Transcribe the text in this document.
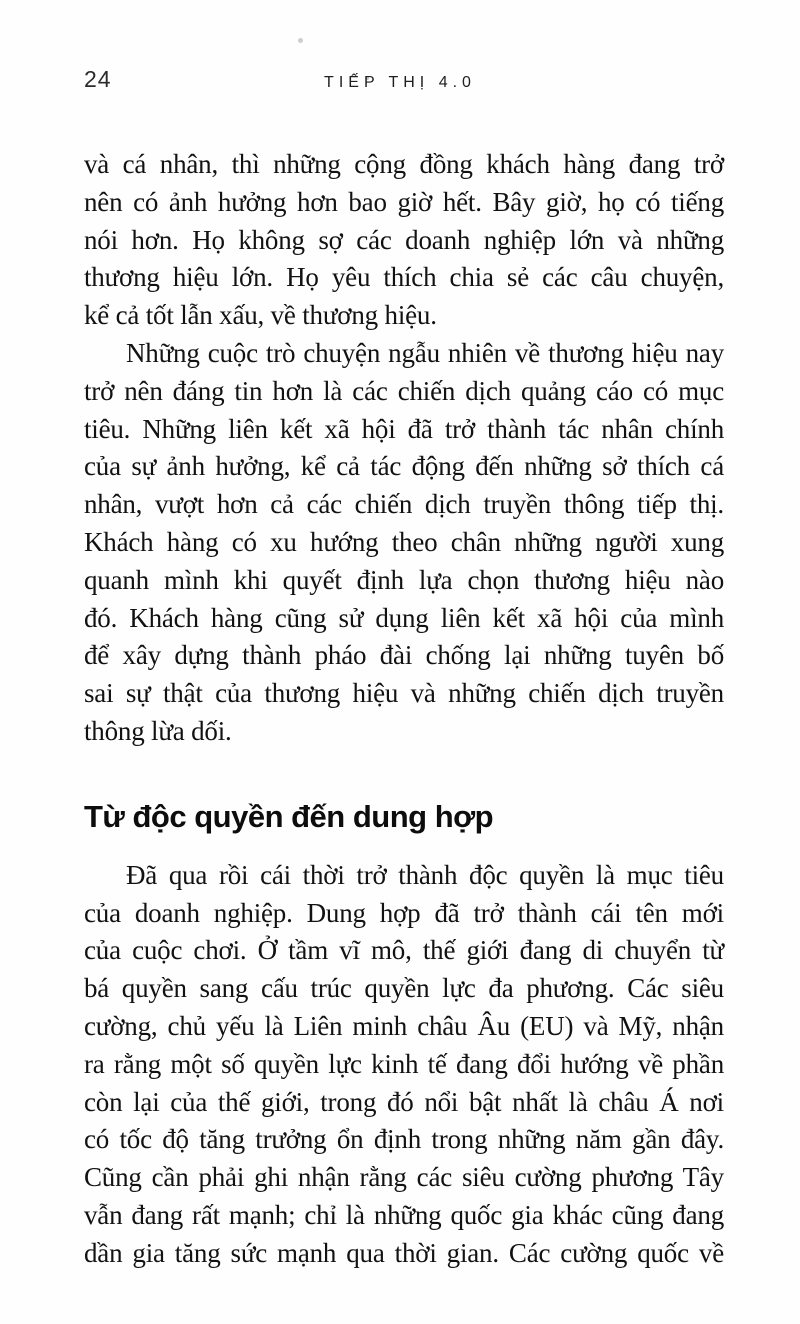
24	TIẾP THỊ 4.0
và cá nhân, thì những cộng đồng khách hàng đang trở
nên có ảnh hưởng hơn bao giờ hết. Bây giờ, họ có tiếng
nói hơn. Họ không sợ các doanh nghiệp lớn và những
thương hiệu lớn. Họ yêu thích chia sẻ các câu chuyện,
kể cả tốt lẫn xấu, về thương hiệu.
Những cuộc trò chuyện ngẫu nhiên về thương hiệu nay
trở nên đáng tin hơn là các chiến dịch quảng cáo có mục
tiêu. Những liên kết xã hội đã trở thành tác nhân chính
của sự ảnh hưởng, kể cả tác động đến những sở thích cá
nhân, vượt hơn cả các chiến dịch truyền thông tiếp thị.
Khách hàng có xu hướng theo chân những người xung
quanh mình khi quyết định lựa chọn thương hiệu nào
đó. Khách hàng cũng sử dụng liên kết xã hội của mình
để xây dựng thành pháo đài chống lại những tuyên bố
sai sự thật của thương hiệu và những chiến dịch truyền
thông lừa dối.
Từ độc quyền đến dung hợp
Đã qua rồi cái thời trở thành độc quyền là mục tiêu
của doanh nghiệp. Dung hợp đã trở thành cái tên mới
của cuộc chơi. Ở tầm vĩ mô, thế giới đang di chuyển từ
bá quyền sang cấu trúc quyền lực đa phương. Các siêu
cường, chủ yếu là Liên minh châu Âu (EU) và Mỹ, nhận
ra rằng một số quyền lực kinh tế đang đổi hướng về phần
còn lại của thế giới, trong đó nổi bật nhất là châu Á nơi
có tốc độ tăng trưởng ổn định trong những năm gần đây.
Cũng cần phải ghi nhận rằng các siêu cường phương Tây
vẫn đang rất mạnh; chỉ là những quốc gia khác cũng đang
dần gia tăng sức mạnh qua thời gian. Các cường quốc về
